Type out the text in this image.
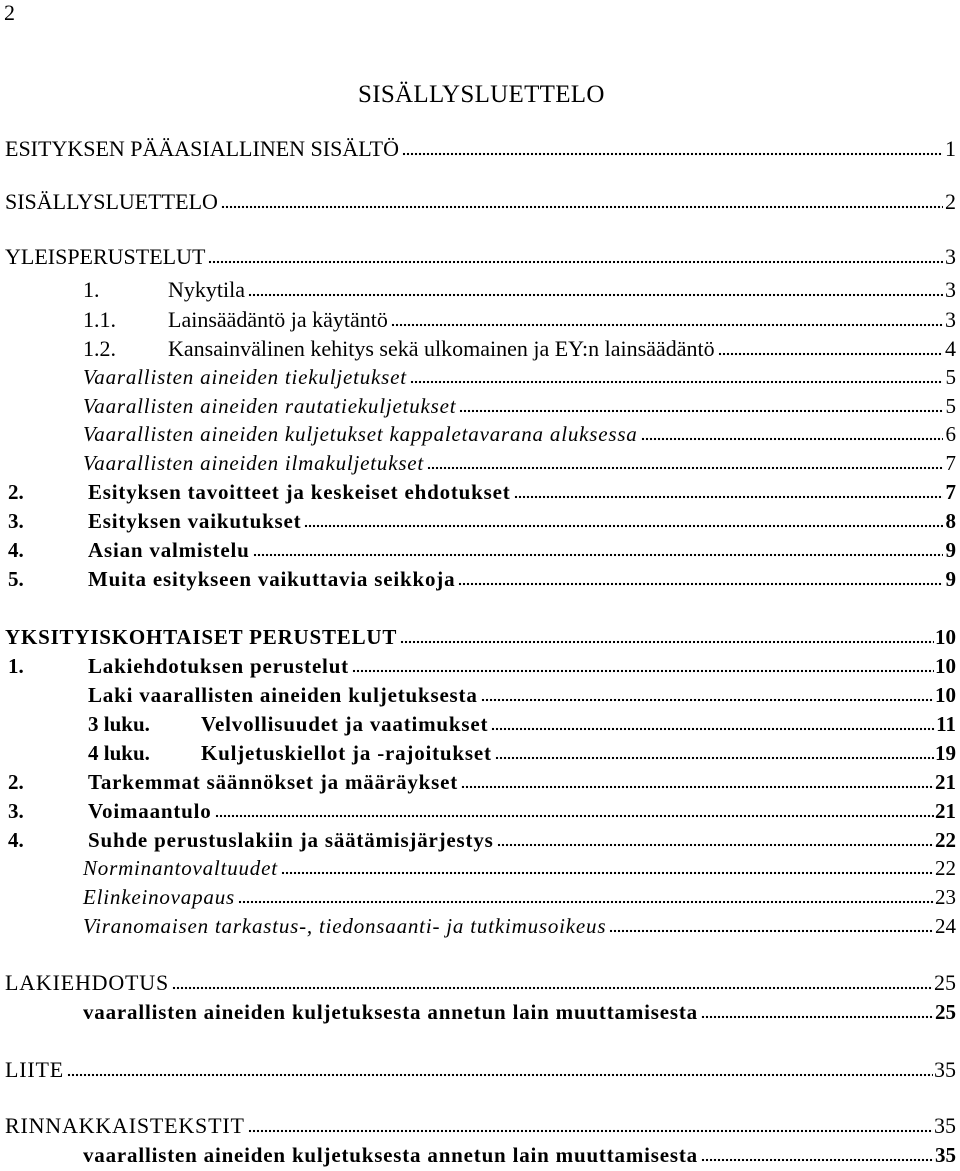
2
SISÄLLYSLUETTELO
ESITYKSEN PÄÄASIALLINEN SISÄLTÖ	1
SISÄLLYSLUETTELO	2
YLEISPERUSTELUT	3
1.	Nykytila	3
1.1.	Lainsäädäntö ja käytäntö	3
1.2.	Kansainvälinen kehitys sekä ulkomainen ja EY:n lainsäädäntö	4
Vaarallisten aineiden tiekuljetukset	5
Vaarallisten aineiden rautatiekuljetukset	5
Vaarallisten aineiden kuljetukset kappaletavarana aluksessa	6
Vaarallisten aineiden ilmakuljetukset	7
2.	Esityksen tavoitteet ja keskeiset ehdotukset	7
3.	Esityksen vaikutukset	8
4.	Asian valmistelu	9
5.	Muita esitykseen vaikuttavia seikkoja	9
YKSITYISKOHTAISET PERUSTELUT	10
1.	Lakiehdotuksen perustelut	10
Laki vaarallisten aineiden kuljetuksesta	10
3 luku.	Velvollisuudet ja vaatimukset	11
4 luku.	Kuljetuskiellot ja -rajoitukset	19
2.	Tarkemmat säännökset ja määräykset	21
3.	Voimaantulo	21
4.	Suhde perustuslakiin ja säätämisjärjestys	22
Norminantovaltuudet	22
Elinkeinovapaus	23
Viranomaisen tarkastus-, tiedonsaanti- ja tutkimusoikeus	24
LAKIEHDOTUS	25
vaarallisten aineiden kuljetuksesta annetun lain muuttamisesta	25
LIITE	35
RINNAKKAISTEKSTIT	35
vaarallisten aineiden kuljetuksesta annetun lain muuttamisesta	35
